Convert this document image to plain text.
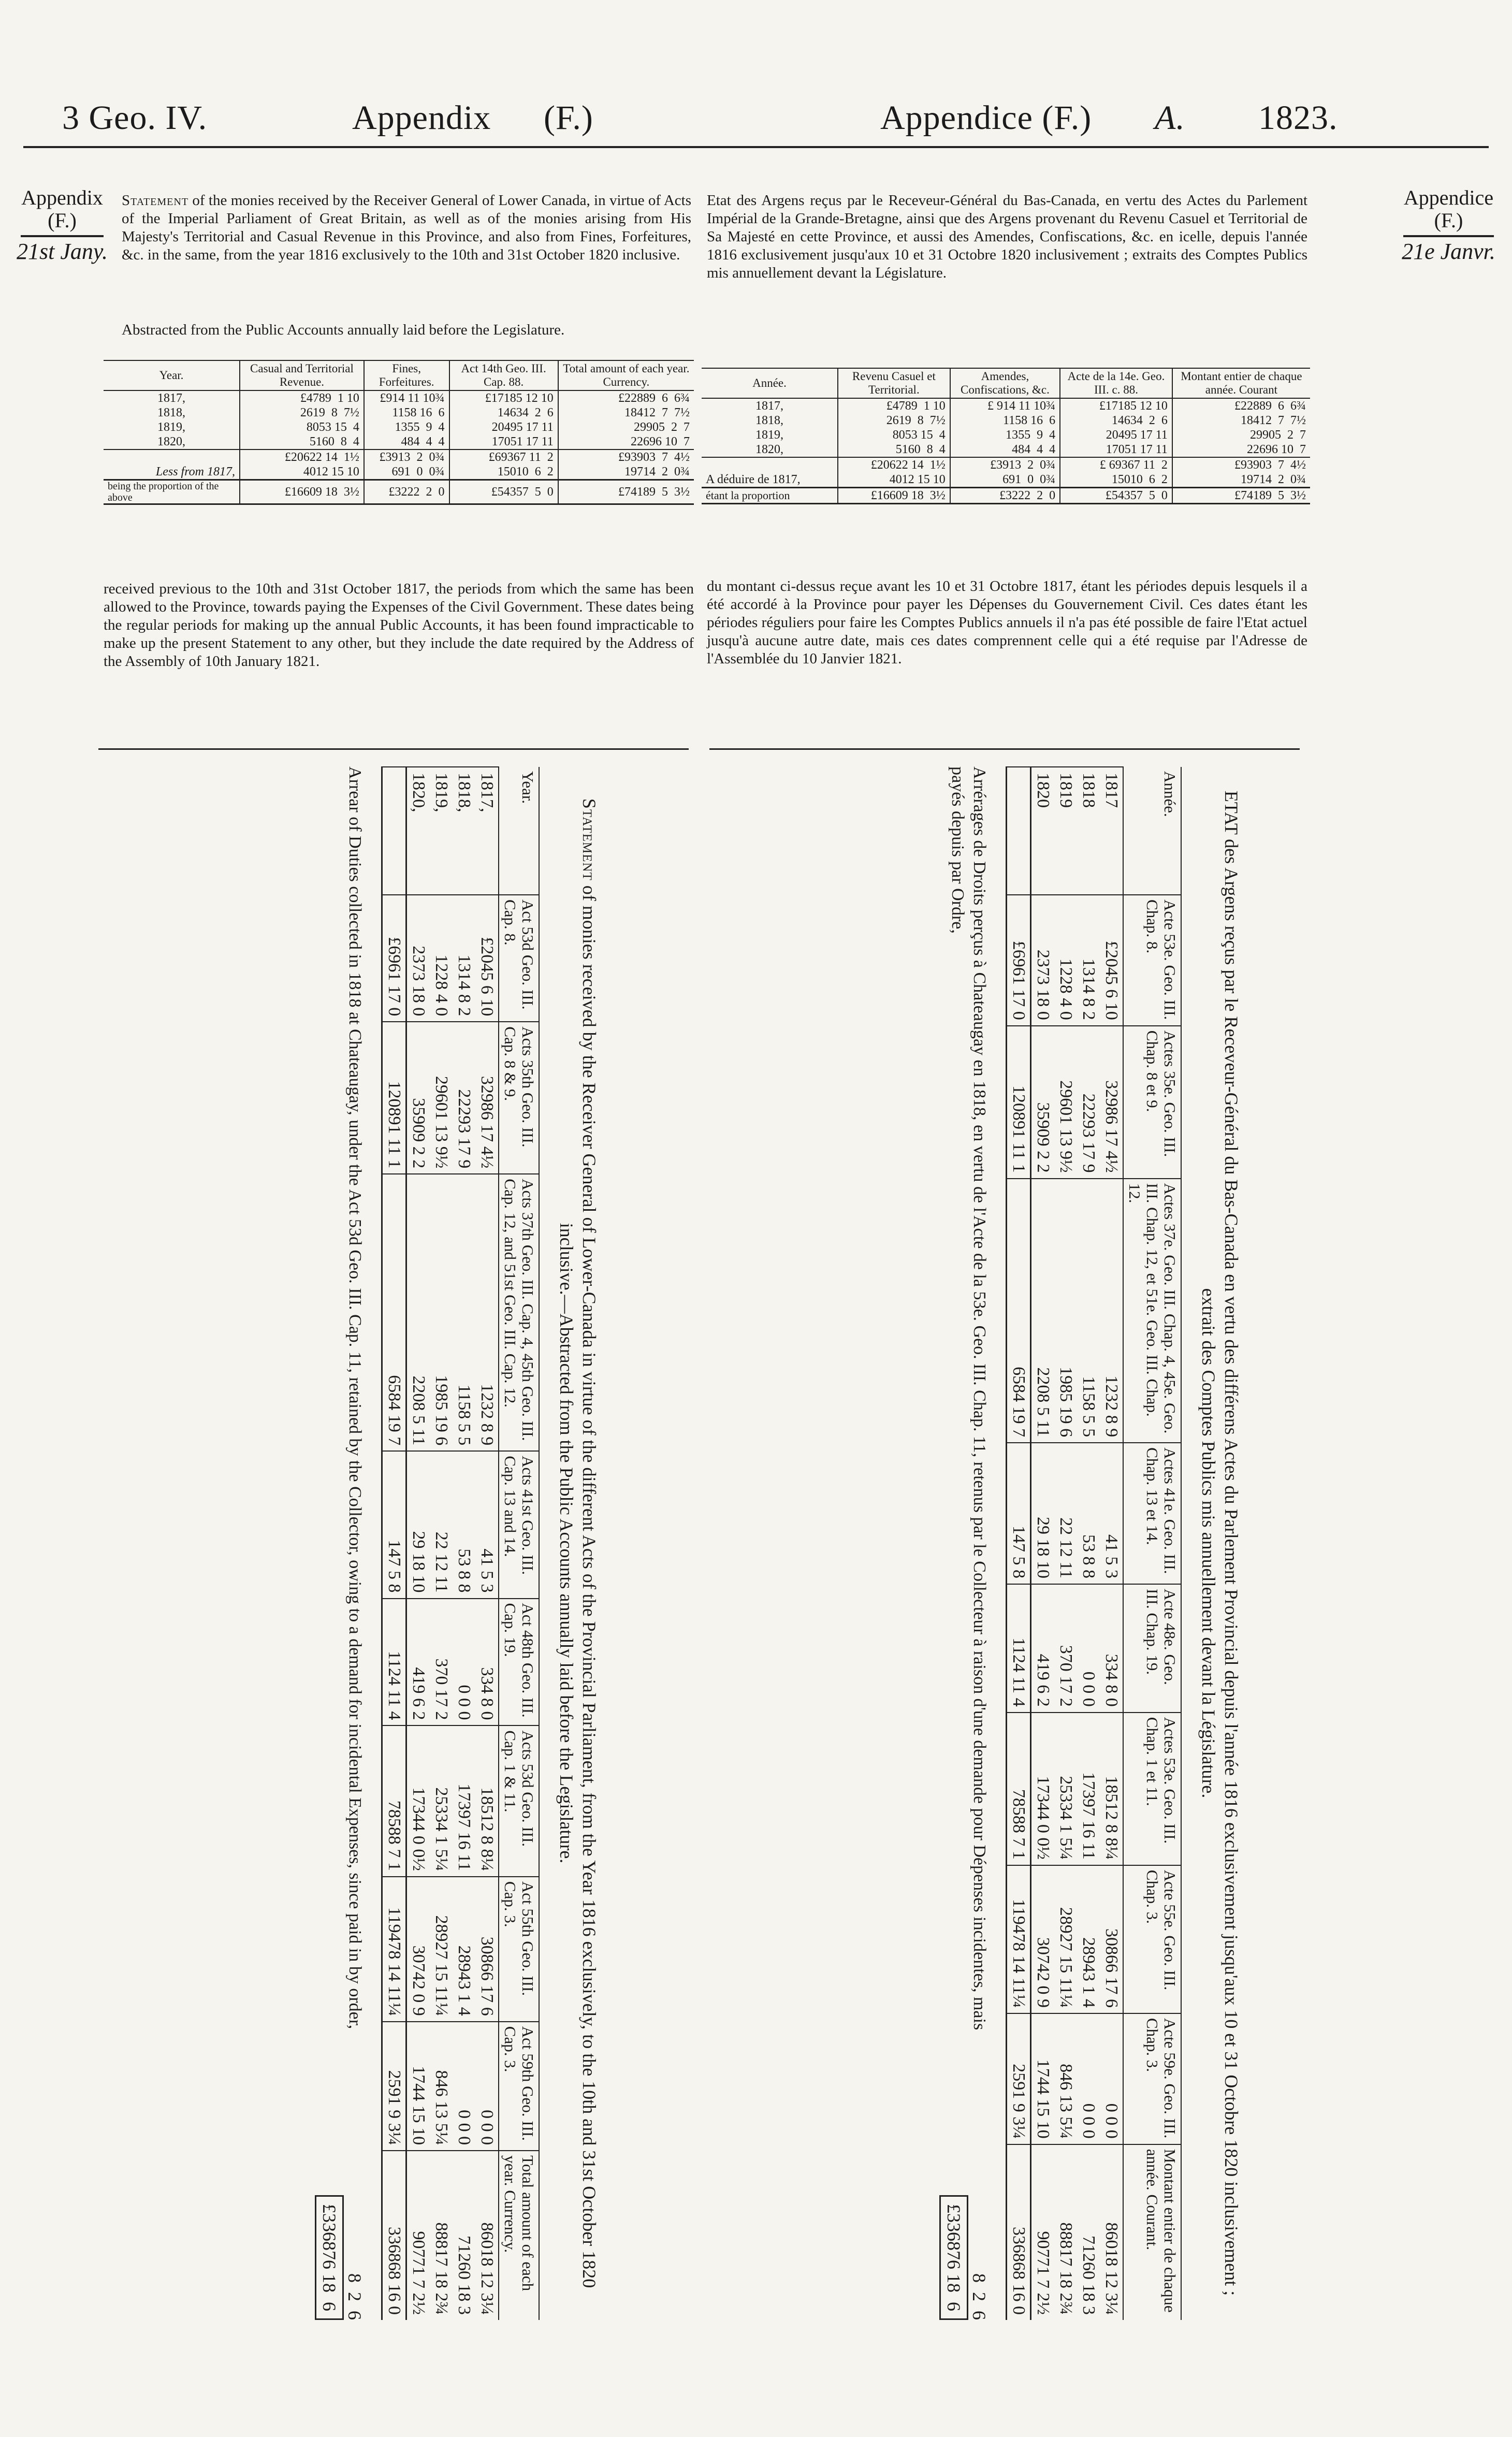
3 Geo. IV.	Appendix (F.)	Appendice (F.) A. 1823.
Appendix
(F.)
21st Jany.
Appendice
(F.)
21e Janvr.
Statement of the monies received by the Receiver General of Lower Canada, in virtue of Acts of the Imperial Parliament of Great Britain, as well as of the monies arising from His Majesty's Territorial and Casual Revenue in this Province, and also from Fines, Forfeitures, &c. in the same, from the year 1816 exclusively to the 10th and 31st October 1820 inclusive.
Abstracted from the Public Accounts annually laid before the Legislature.
Year.	Casual and Territorial Revenue.	Fines, Forfeitures.	Act 14th Geo. III. Cap. 88.	Total amount of each year. Currency.
1817,	£4789  1 10	£914 11 10¾	£17185 12 10	£22889  6  6¾
1818,	2619  8  7½	1158 16  6	14634  2  6	18412  7  7½
1819,	8053 15  4	1355  9  4	20495 17 11	29905  2  7
1820,	5160  8  4	484  4  4	17051 17 11	22696 10  7
	£20622 14  1½	£3913  2  0¾	£69367 11  2	£93903  7  4½
Less from 1817,	4012 15 10	691  0  0¾	15010  6  2	19714  2  0¾
being the proportion of the above	£16609 18  3½	£3222  2  0	£54357  5  0	£74189  5  3½
received previous to the 10th and 31st October 1817, the periods from which the same has been allowed to the Province, towards paying the Expenses of the Civil Government. These dates being the regular periods for making up the annual Public Accounts, it has been found impracticable to make up the present Statement to any other, but they include the date required by the Address of the Assembly of 10th January 1821.
Etat des Argens reçus par le Receveur-Général du Bas-Canada, en vertu des Actes du Parlement Impérial de la Grande-Bretagne, ainsi que des Argens provenant du Revenu Casuel et Territorial de Sa Majesté en cette Province, et aussi des Amendes, Confiscations, &c. en icelle, depuis l'année 1816 exclusivement jusqu'aux 10 et 31 Octobre 1820 inclusivement ; extraits des Comptes Publics mis annuellement devant la Législature.
Année.	Revenu Casuel et Territorial.	Amendes, Confiscations, &c.	Acte de la 14e. Geo. III. c. 88.	Montant entier de chaque année. Courant
1817,	£4789  1 10	£ 914 11 10¾	£17185 12 10	£22889  6  6¾
1818,	2619  8  7½	1158 16  6	14634  2  6	18412  7  7½
1819,	8053 15  4	1355  9  4	20495 17 11	29905  2  7
1820,	5160  8  4	484  4  4	17051 17 11	22696 10  7
	£20622 14  1½	£3913  2  0¾	£ 69367 11  2	£93903  7  4½
A déduire de 1817,	4012 15 10	691  0  0¾	15010  6  2	19714  2  0¾
étant la proportion	£16609 18  3½	£3222  2  0	£54357  5  0	£74189  5  3½
du montant ci-dessus reçue avant les 10 et 31 Octobre 1817, étant les périodes depuis lesquels il a été accordé à la Province pour payer les Dépenses du Gouvernement Civil. Ces dates étant les périodes réguliers pour faire les Comptes Publics annuels il n'a pas été possible de faire l'Etat actuel jusqu'à aucune autre date, mais ces dates comprennent celle qui a été requise par l'Adresse de l'Assemblée du 10 Janvier 1821.
Statement of monies received by the Receiver General of Lower-Canada in virtue of the different Acts of the Provincial Parliament, from the Year 1816 exclusively, to the 10th and 31st October 1820 inclusive.—Abstracted from the Public Accounts annually laid before the Legislature.
Year.	Act 53d Geo. III. Cap. 8.	Acts 35th Geo. III. Cap. 8 & 9.	Acts 37th Geo. III. Cap. 4, 45th Geo. III. Cap. 12, and 51st Geo. III. Cap. 12.	Acts 41st Geo. III. Cap. 13 and 14.	Act 48th Geo. III. Cap. 19.	Acts 53d Geo. III. Cap. 1 & 11.	Act 55th Geo. III. Cap. 3.	Act 59th Geo. III. Cap. 3.	Total amount of each year. Currency.
1817,	£2045 6 10	32986 17 4½	1232 8 9	41 5 3	334 8 0	18512 8 8¼	30866 17 6	0 0 0	86018 12 3¼
1818,	1314 8 2	22293 17 9	1158 5 5	53 8 8	0 0 0	17397 16 11	28943 1 4	0 0 0	71260 18 3
1819,	1228 4 0	29601 13 9½	1985 19 6	22 12 11	370 17 2	25334 1 5¼	28927 15 11¼	846 13 5¼	88817 18 2¾
1820,	2373 18 0	35909 2 2	2208 5 11	29 18 10	419 6 2	17344 0 0½	30742 0 9	1744 15 10	90771 7 2½
	£6961 17 0	120891 11 1	6584 19 7	147 5 8	1124 11 4	78588 7 1	119478 14 11¼	2591 9 3¼	336868 16 0
Arrear of Duties collected in 1818 at Chateaugay, under the Act 53d Geo. III. Cap. 11, retained by the Collector, owing to a demand for incidental Expenses, since paid in by order,
8  2  6
£336876 18  6	ETAT des Argens reçus par le Receveur-Général du Bas-Canada en vertu des différens Actes du Parlement Provincial depuis l'année 1816 exclusivement jusqu'aux 10 et 31 Octobre 1820 inclusivement ; extrait des Comptes Publics mis annuellement devant la Législature.
Année.	Acte 53e. Geo. III. Chap. 8.	Actes 35e. Geo. III. Chap. 8 et 9.	Actes 37e. Geo. III. Chap. 4, 45e. Geo. III. Chap. 12, et 51e. Geo. III. Chap. 12.	Actes 41e. Geo. III. Chap. 13 et 14.	Acte 48e. Geo. III. Chap. 19.	Actes 53e. Geo. III. Chap. 1 et 11.	Acte 55e. Geo. III. Chap. 3.	Acte 59e. Geo. III. Chap. 3.	Montant entier de chaque année. Courant.
1817	£2045 6 10	32986 17 4½	1232 8 9	41 5 3	334 8 0	18512 8 8¼	30866 17 6	0 0 0	86018 12 3¼
1818	1314 8 2	22293 17 9	1158 5 5	53 8 8	0 0 0	17397 16 11	28943 1 4	0 0 0	71260 18 3
1819	1228 4 0	29601 13 9½	1985 19 6	22 12 11	370 17 2	25334 1 5¼	28927 15 11¼	846 13 5¼	88817 18 2¾
1820	2373 18 0	35909 2 2	2208 5 11	29 18 10	419 6 2	17344 0 0½	30742 0 9	1744 15 10	90771 7 2½
	£6961 17 0	120891 11 1	6584 19 7	147 5 8	1124 11 4	78588 7 1	119478 14 11¼	2591 9 3¼	336868 16 0
Arrérages de Droits perçus à Chateaugay en 1818, en vertu de l'Acte de la 53e. Geo. III. Chap. 11, retenus par le Collecteur à raison d'une demande pour Dépenses incidentes, mais payés depuis par Ordre,
8  2  6
£336876 18  6
